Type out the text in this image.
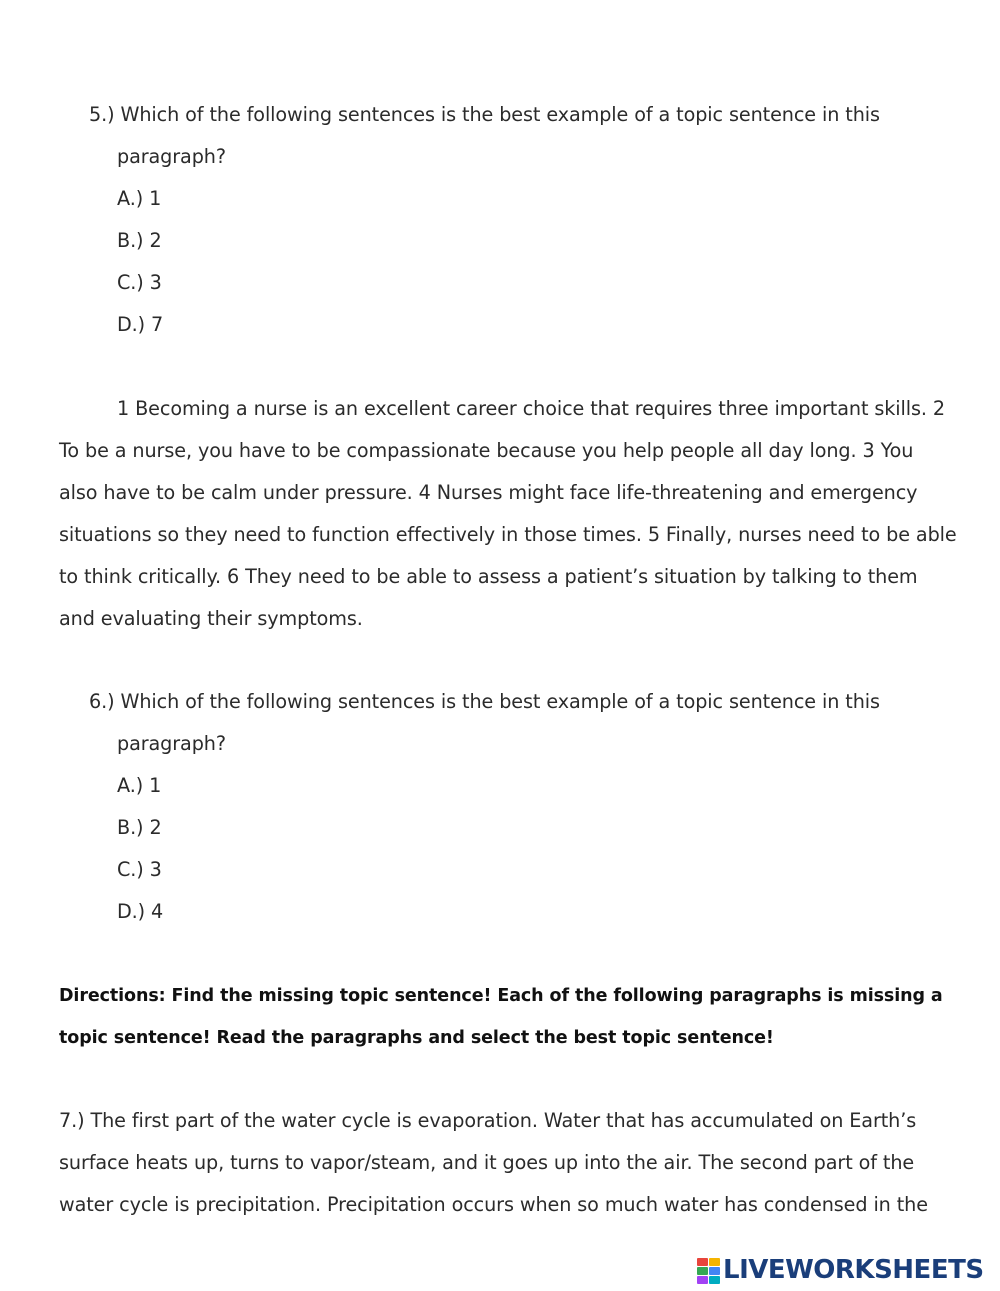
5.) Which of the following sentences is the best example of a topic sentence in this
paragraph?
A.) 1
B.) 2
C.) 3
D.) 7
1 Becoming a nurse is an excellent career choice that requires three important skills. 2
To be a nurse, you have to be compassionate because you help people all day long. 3 You
also have to be calm under pressure. 4 Nurses might face life-threatening and emergency
situations so they need to function effectively in those times. 5 Finally, nurses need to be able
to think critically. 6 They need to be able to assess a patient’s situation by talking to them
and evaluating their symptoms.
6.) Which of the following sentences is the best example of a topic sentence in this
paragraph?
A.) 1
B.) 2
C.) 3
D.) 4
Directions: Find the missing topic sentence! Each of the following paragraphs is missing a
topic sentence! Read the paragraphs and select the best topic sentence!
7.) The first part of the water cycle is evaporation. Water that has accumulated on Earth’s
surface heats up, turns to vapor/steam, and it goes up into the air. The second part of the
water cycle is precipitation. Precipitation occurs when so much water has condensed in the
LIVEWORKSHEETS
